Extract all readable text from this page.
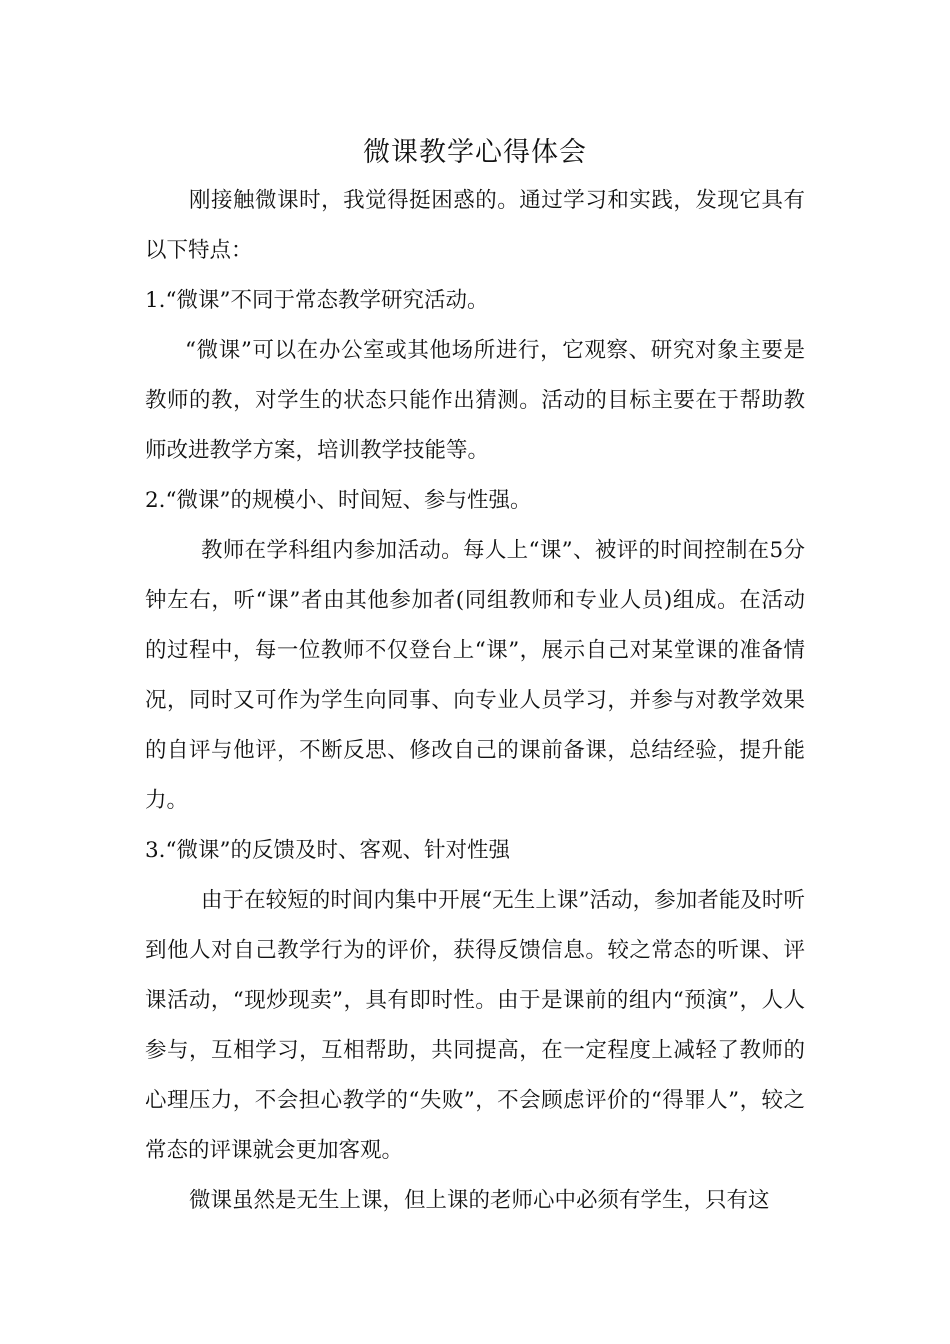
微课教学心得体会

刚接触微课时，我觉得挺困惑的。通过学习和实践，发现它具有以下特点：

1.“微课”不同于常态教学研究活动。

“微课”可以在办公室或其他场所进行，它观察、研究对象主要是教师的教，对学生的状态只能作出猜测。活动的目标主要在于帮助教师改进教学方案，培训教学技能等。

2.“微课”的规模小、时间短、参与性强。

教师在学科组内参加活动。每人上“课”、被评的时间控制在5分钟左右，听“课”者由其他参加者(同组教师和专业人员)组成。在活动的过程中，每一位教师不仅登台上“课”，展示自己对某堂课的准备情况，同时又可作为学生向同事、向专业人员学习，并参与对教学效果的自评与他评，不断反思、修改自己的课前备课，总结经验，提升能力。

3.“微课”的反馈及时、客观、针对性强

由于在较短的时间内集中开展“无生上课”活动，参加者能及时听到他人对自己教学行为的评价，获得反馈信息。较之常态的听课、评课活动，“现炒现卖”，具有即时性。由于是课前的组内“预演”，人人参与，互相学习，互相帮助，共同提高，在一定程度上减轻了教师的心理压力，不会担心教学的“失败”，不会顾虑评价的“得罪人”，较之常态的评课就会更加客观。

微课虽然是无生上课，但上课的老师心中必须有学生，只有这
